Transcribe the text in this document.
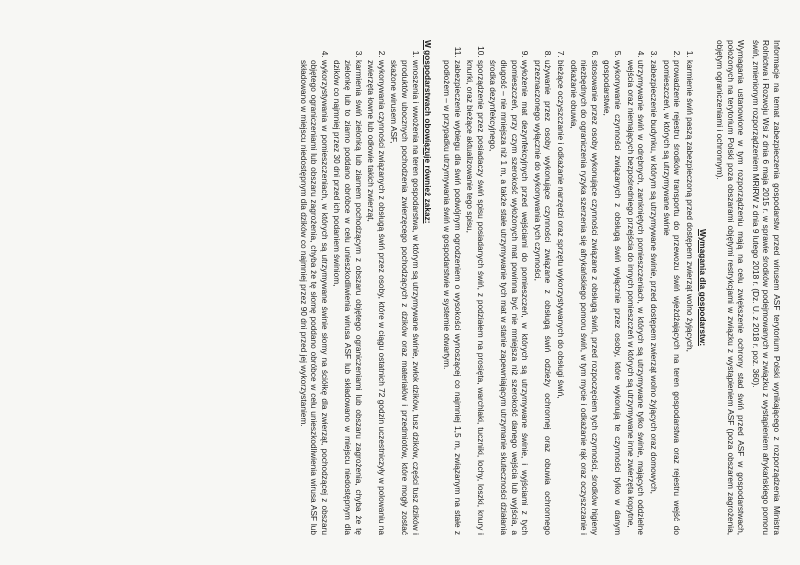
Informacje na temat zabezpieczenia gospodarstw przed wirusem ASF terytorium Polski wynikającego z rozporządzenia Ministra Rolnictwa i Rozwoju Wsi z dnia 6 maja 2015 r. w sprawie środków podejmowanych w związku z wystąpieniem afrykańskiego pomoru świń, zmienionym rozporządzeniem MRiRW z dnia 9 lutego 2018 r. (Dz. U. z 2018 r. poz. 360).

Wymagania ustanowione w tym rozporządzeniu mają na celu zwiększenie ochrony stad świń przed ASF w gospodarstwach, położonych na terytorium Polski poza obszarami objętymi restrykcjami w związku z wystąpieniem ASF (poza obszarem zagrożenia, objętym ograniczeniami i ochronnym).

Wymagania dla gospodarstw:
1. karmienie świń paszą zabezpieczoną przed dostępem zwierząt wolno żyjących,
2. prowadzenie rejestru środków transportu do przewozu świń wjeżdżających na teren gospodarstwa oraz rejestru wejść do pomieszczeń, w których są utrzymywane świnie
3. zabezpieczenie budynku, w którym są utrzymywane świnie, przed dostępem zwierząt wolno żyjących oraz domowych,
4. utrzymywanie świń w odrębnych, zamkniętych pomieszczeniach, w których są utrzymywane tylko świnie, mających oddzielne wejścia oraz niemających bezpośredniego przejścia do innych pomieszczeń w których są utrzymywane inne zwierzęta kopytne,
5. wykonywanie czynności związanych z obsługą świń wyłącznie przez osoby, które wykonują te czynności tylko w danym gospodarstwie,
6. stosowanie przez osoby wykonujące czynności związane z obsługą świń, przed rozpoczęciem tych czynności, środków higieny niezbędnych do ograniczenia ryzyka szerzenia się afrykańskiego pomoru świń, w tym mycie i odkażanie rąk oraz oczyszczanie i odkażanie obuwia,
7. bieżące oczyszczanie i odkażanie narzędzi oraz sprzętu wykorzystywanych do obsługi świń,
8. używanie przez osoby wykonujące czynności związane z obsługą świń odzieży ochronnej oraz obuwia ochronnego przeznaczonego wyłącznie do wykonywania tych czynności,
9. wyłożenie mat dezynfekcyjnych przed wejściami do pomieszczeń, w których są utrzymywane świnie, i wyjściami z tych pomieszczeń, przy czym szerokość wyłożonych mat powinna być nie mniejsza niż szerokość danego wejścia lub wyjścia, a długość – nie mniejsza niż 1 m, a także stałe utrzymywanie tych mat w stanie zapewniającym utrzymanie skuteczności działania środka dezynfekcyjnego,
10. sporządzenie przez posiadaczy świń spisu posiadanych świń, z podziałem na prosięta, warchlaki, tuczniki, lochy, loszki, knury i knurki, oraz bieżące aktualizowanie tego spisu,
11. zabezpieczenie wybiegu dla świń podwójnym ogrodzeniem o wysokości wynoszącej co najmniej 1,5 m, związanym na stałe z podłożem – w przypadku utrzymywania świń w gospodarstwie w systemie otwartym.
W gospodarstwach obowiązuje również zakaz:
1. wnoszenia i wwożenia na teren gospodarstwa, w którym są utrzymywane świnie, zwłok dzików, tusz dzików, części tusz dzików i produktów ubocznych pochodzenia zwierzęcego pochodzących z dzików oraz materiałów i przedmiotów, które mogły zostać skażone wirusem ASF,
2. wykonywania czynności związanych z obsługą świń przez osoby, które w ciągu ostatnich 72 godzin uczestniczyły w polowaniu na zwierzęta łowne lub odłowie takich zwierząt,
3. karmienia świń zielonką lub ziarnem pochodzącym z obszaru objętego ograniczeniami lub obszaru zagrożenia, chyba że tę zielonkę lub to ziarno poddano obróbce w celu unieszkodliwienia wirusa ASF lub składowano w miejscu niedostępnym dla dzików co najmniej przez 30 dni przed ich podaniem świniom,
4. wykorzystywania w pomieszczeniach, w których są utrzymywane świnie słomy na ściółkę dla zwierząt, pochodzącej z obszaru objętego ograniczeniami lub obszaru zagrożenia, chyba że tę słomę poddano obróbce w celu unieszkodliwienia wirusa ASF lub składowano w miejscu niedostępnym dla dzików co najmniej przez 90 dni przed jej wykorzystaniem.
